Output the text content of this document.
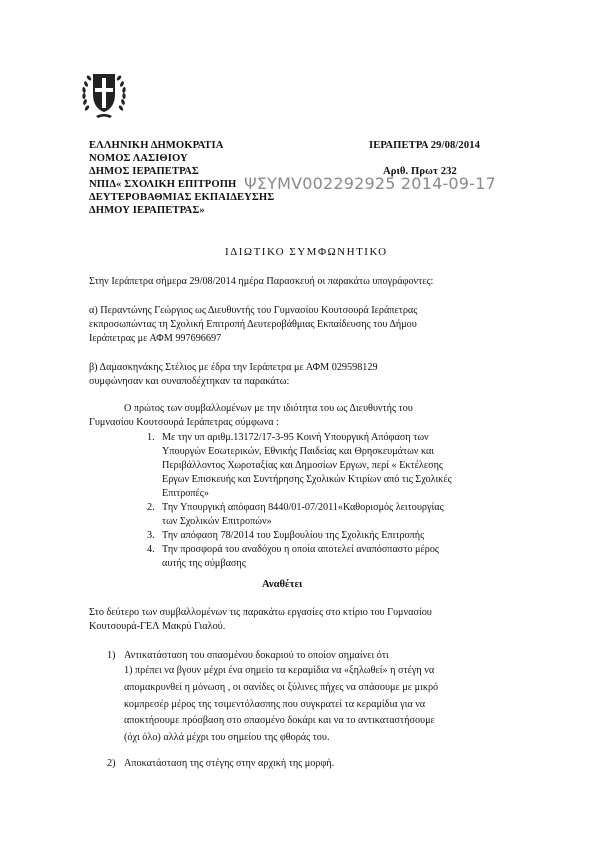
ΕΛΛΗΝΙΚΗ ΔΗΜΟΚΡΑΤΙΑ
ΝΟΜΟΣ ΛΑΣΙΘΙΟΥ
ΔΗΜΟΣ ΙΕΡΑΠΕΤΡΑΣ
ΝΠΙΔ« ΣΧΟΛΙΚΗ ΕΠΙΤΡΟΠΗ
ΔΕΥΤΕΡΟΒΑΘΜΙΑΣ ΕΚΠΑΙΔΕΥΣΗΣ
ΔΗΜΟΥ ΙΕΡΑΠΕΤΡΑΣ»
ΙΕΡΑΠΕΤΡΑ 29/08/2014
Αριθ. Πρωτ 232
ΨΣΥΜV002292925 2014-09-17
ΙΔΙΩΤΙΚΟ ΣΥΜΦΩΝΗΤΙΚΟ
Στην Ιεράπετρα σήμερα 29/08/2014 ημέρα Παρασκευή οι παρακάτω υπογράφοντες:
α) Περαντώνης Γεώργιος ως Διευθυντής του Γυμνασίου Κουτσουρά Ιεράπετρας
εκπροσωπώντας τη Σχολική Επιτροπή Δευτεροβάθμιας Εκπαίδευσης του Δήμου
Ιεράπετρας με ΑΦΜ 997696697
β) Δαμασκηνάκης Στέλιος με έδρα την Ιεράπετρα με ΑΦΜ 029598129
συμφώνησαν και συναποδέχτηκαν τα παρακάτω:
Ο πρώτος των συμβαλλομένων με την ιδιότητα του ως Διευθυντής του
Γυμνασίου Κουτσουρά Ιεράπετρας σύμφωνα :
1. Με την υπ αριθμ.13172/17-3-95 Κοινή Υπουργική Απόφαση των
Υπουργών Εσωτερικών, Εθνικής Παιδείας και Θρησκευμάτων και
Περιβάλλοντος Χωροταξίας και Δημοσίων Εργων, περί « Εκτέλεσης
Εργων Επισκευής και Συντήρησης Σχολικών Κτιρίων από τις Σχολικές
Επιτροπές»
2. Την Υπουργική απόφαση 8440/01-07/2011«Καθορισμός λειτουργίας
των Σχολικών Επιτροπών»
3. Την απόφαση 78/2014 του Συμβουλίου της Σχολικής Επιτροπής
4. Την προσφορά του αναδόχου η οποία αποτελεί αναπόσπαστο μέρος
αυτής της σύμβασης
Αναθέτει
Στο δεύτερο των συμβαλλομένων τις παρακάτω εργασίες στο κτίριο του Γυμνασίου
Κουτσουρά-ΓΕΛ Μακρύ Γιαλού.
1) Αντικατάσταση του σπασμένου δοκαριού το οποίον σημαίνει ότι
1) πρέπει να βγουν μέχρι ένα σημείο τα κεραμίδια να «ξηλωθεί» η στέγη να
απομακρυνθεί η μόνωση , οι σανίδες οι ξύλινες πήχες να σπάσουμε με μικρό
κομπρεσέρ μέρος της τσιμεντόλασπης που συγκρατεί τα κεραμίδια για να
αποκτήσουμε πρόσβαση στο σπασμένο δοκάρι και να το αντικαταστήσουμε
(όχι όλο) αλλά μέχρι του σημείου της φθοράς του.
2) Αποκατάσταση της στέγης στην αρχική της μορφή.
